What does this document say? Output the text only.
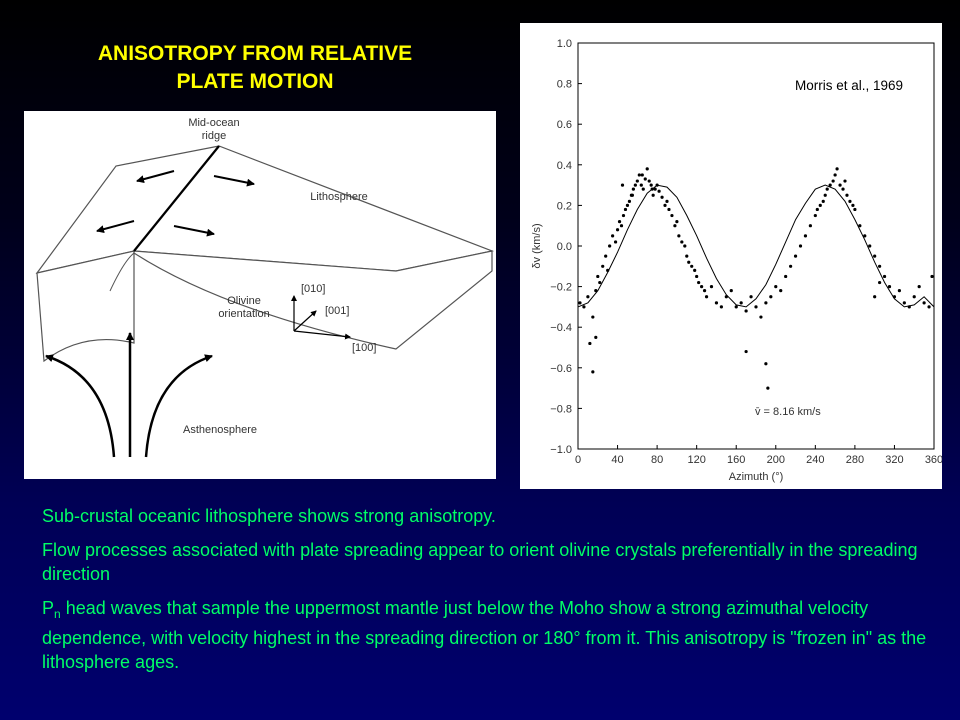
ANISOTROPY FROM RELATIVE
PLATE MOTION
Mid-ocean
ridge
Lithosphere
Olivine
orientation
[010]
[001]
[100]
Asthenosphere
−1.0
−0.8
−0.6
−0.4
−0.2
0.0
0.2
0.4
0.6
0.8
1.0
0	40 80 120 160 200 240 280 320 360
Morris et al., 1969
v̄ = 8.16 km/s
Azimuth (°)
δv (km/s)

Sub-crustal oceanic lithosphere shows strong anisotropy.

Flow processes associated with plate spreading appear to orient olivine crystals preferentially in the spreading direction

$P_n$ head waves that sample the uppermost mantle just below the Moho show a strong azimuthal velocity dependence, with velocity highest in the spreading direction or 180° from it. This anisotropy is "frozen in" as the lithosphere ages.
